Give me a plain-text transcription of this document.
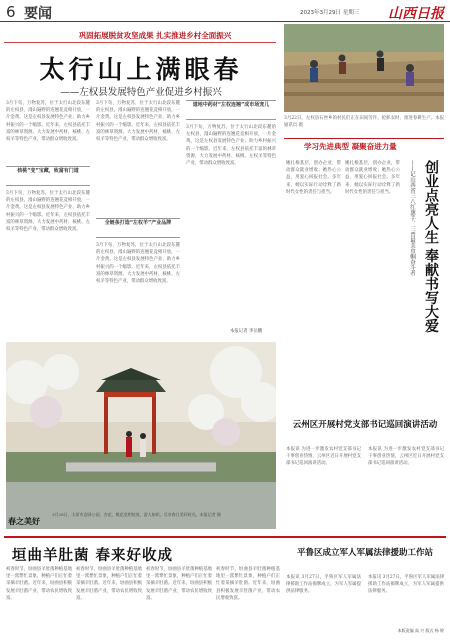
6 要闻	2023年3月29日 星期三 山西日报
巩固拓展脱贫攻坚成果 扎实推进乡村全面振兴
太行山上满眼春
——左权县发展特色产业促进乡村振兴
3月下旬，万物复苏，位于太行山北段东麓的左权县，漫山遍野的连翘花竞相开放，一片金黄。这是左权县发展特色产业、助力乡村振兴的一个缩影。近年来，左权县依托丰富的林草资源，大力发展中药材、核桃、左权羊等特色产业，带动群众增收致富。
核桃“变”宝藏，致富有门道
3月下旬，万物复苏，位于太行山北段东麓的左权县，漫山遍野的连翘花竞相开放，一片金黄。这是左权县发展特色产业、助力乡村振兴的一个缩影。近年来，左权县依托丰富的林草资源，大力发展中药材、核桃、左权羊等特色产业，带动群众增收致富。
3月下旬，万物复苏，位于太行山北段东麓的左权县，漫山遍野的连翘花竞相开放，一片金黄。这是左权县发展特色产业、助力乡村振兴的一个缩影。近年来，左权县依托丰富的林草资源，大力发展中药材、核桃、左权羊等特色产业，带动群众增收致富。
全链条打造“左权羊”产业品牌
3月下旬，万物复苏，位于太行山北段东麓的左权县，漫山遍野的连翘花竞相开放，一片金黄。这是左权县发展特色产业、助力乡村振兴的一个缩影。近年来，左权县依托丰富的林草资源，大力发展中药材、核桃、左权羊等特色产业，带动群众增收致富。
道地中药材“左权连翘”成市场宠儿
3月下旬，万物复苏，位于太行山北段东麓的左权县，漫山遍野的连翘花竞相开放，一片金黄。这是左权县发展特色产业、助力乡村振兴的一个缩影。近年来，左权县依托丰富的林草资源，大力发展中药材、核桃、左权羊等特色产业，带动群众增收致富。
本报记者 李岳鹏
3月22日，左权县石匣乡的村民们正在田间劳作，抢抓农时，推进春耕生产。本报通讯员 摄
学习先进典型 凝聚奋进力量
创业点亮人生 奉献书写大爱
——记山西省三八红旗手、三晋最美巾帼奋斗者
她扎根基层，创办企业，带动群众就业增收；她热心公益，用爱心回报社会。多年来，她以实际行动诠释了新时代女性的责任与担当。
她扎根基层，创办企业，带动群众就业增收；她热心公益，用爱心回报社会。多年来，她以实际行动诠释了新时代女性的责任与担当。
春之美好
3月28日，太原市迎泽公园，杏花、桃花竞相绽放，游人如织，尽享春日美好时光。本报记者 摄
云州区开展村党支部书记巡回演讲活动
本报讯 为进一步激发农村党支部书记干事创业热情，云州区近日开展村党支部书记巡回演讲活动。
本报讯 为进一步激发农村党支部书记干事创业热情，云州区近日开展村党支部书记巡回演讲活动。
平鲁区成立军人军属法律援助工作站
本报讯 3月27日，平鲁区军人军属法律援助工作站揭牌成立，为军人军属提供法律服务。
本报讯 3月27日，平鲁区军人军属法律援助工作站揭牌成立，为军人军属提供法律服务。
垣曲羊肚菌 春来好收成
初春时节，垣曲县羊肚菌种植基地里一派繁忙景象，种植户们正忙着采摘羊肚菌。近年来，垣曲县积极发展羊肚菌产业，带动农民增收致富。
初春时节，垣曲县羊肚菌种植基地里一派繁忙景象，种植户们正忙着采摘羊肚菌。近年来，垣曲县积极发展羊肚菌产业，带动农民增收致富。
初春时节，垣曲县羊肚菌种植基地里一派繁忙景象，种植户们正忙着采摘羊肚菌。近年来，垣曲县积极发展羊肚菌产业，带动农民增收致富。
初春时节，垣曲县羊肚菌种植基地里一派繁忙景象，种植户们正忙着采摘羊肚菌。近年来，垣曲县积极发展羊肚菌产业，带动农民增收致富。
本版责编 高 兴 版式 杨 婷
